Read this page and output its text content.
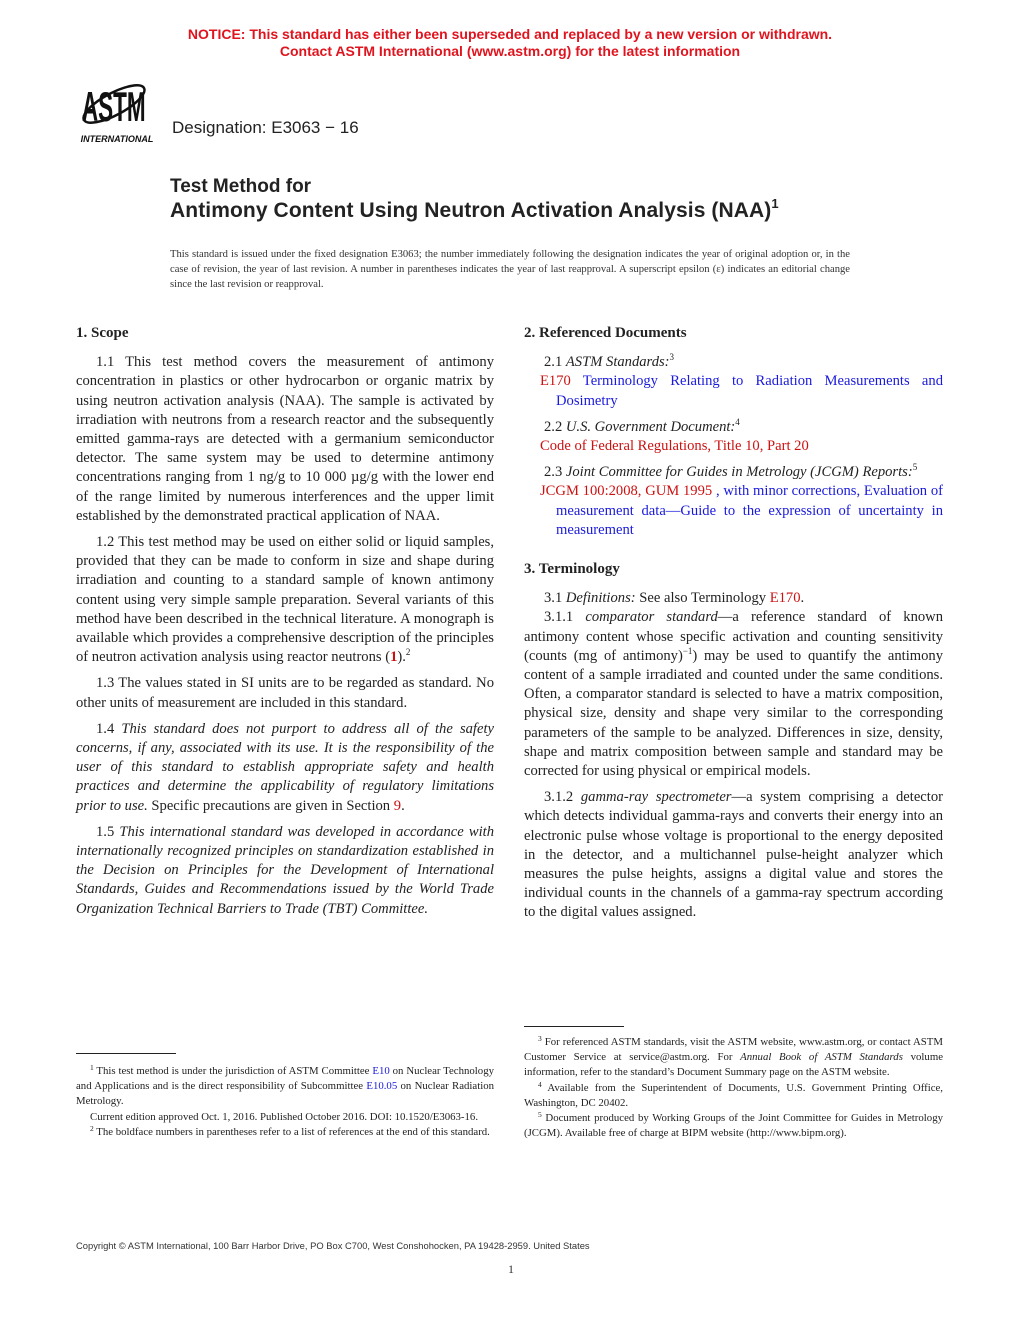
NOTICE: This standard has either been superseded and replaced by a new version or withdrawn.
Contact ASTM International (www.astm.org) for the latest information
ASTM
INTERNATIONAL
Designation: E3063 − 16
Test Method for
Antimony Content Using Neutron Activation Analysis (NAA)$^1$
This standard is issued under the fixed designation E3063; the number immediately following the designation indicates the year of original adoption or, in the case of revision, the year of last revision. A number in parentheses indicates the year of last reapproval. A superscript epsilon (ε) indicates an editorial change since the last revision or reapproval.
1. Scope
1.1 This test method covers the measurement of antimony concentration in plastics or other hydrocarbon or organic matrix by using neutron activation analysis (NAA). The sample is activated by irradiation with neutrons from a research reactor and the subsequently emitted gamma-rays are detected with a germanium semiconductor detector. The same system may be used to determine antimony concentrations ranging from 1 ng/g to 10 000 µg/g with the lower end of the range limited by numerous interferences and the upper limit established by the demonstrated practical application of NAA.
1.2 This test method may be used on either solid or liquid samples, provided that they can be made to conform in size and shape during irradiation and counting to a standard sample of known antimony content using very simple sample preparation. Several variants of this method have been described in the technical literature. A monograph is available which provides a comprehensive description of the principles of neutron activation analysis using reactor neutrons (1).$^2$
1.3 The values stated in SI units are to be regarded as standard. No other units of measurement are included in this standard.
1.4 This standard does not purport to address all of the safety concerns, if any, associated with its use. It is the responsibility of the user of this standard to establish appropriate safety and health practices and determine the applicability of regulatory limitations prior to use. Specific precautions are given in Section 9.
1.5 This international standard was developed in accordance with internationally recognized principles on standardization established in the Decision on Principles for the Development of International Standards, Guides and Recommendations issued by the World Trade Organization Technical Barriers to Trade (TBT) Committee.
2. Referenced Documents
2.1 ASTM Standards:$^3$
E170 Terminology Relating to Radiation Measurements and Dosimetry
2.2 U.S. Government Document:$^4$
Code of Federal Regulations, Title 10, Part 20
2.3 Joint Committee for Guides in Metrology (JCGM) Reports:$^5$
JCGM 100:2008, GUM 1995 , with minor corrections, Evaluation of measurement data—Guide to the expression of uncertainty in measurement
3. Terminology
3.1 Definitions: See also Terminology E170.
3.1.1 comparator standard—a reference standard of known antimony content whose specific activation and counting sensitivity (counts (mg of antimony)$^{-1}$) may be used to quantify the antimony content of a sample irradiated and counted under the same conditions. Often, a comparator standard is selected to have a matrix composition, physical size, density and shape very similar to the corresponding parameters of the sample to be analyzed. Differences in size, density, shape and matrix composition between sample and standard may be corrected for using physical or empirical models.
3.1.2 gamma-ray spectrometer—a system comprising a detector which detects individual gamma-rays and converts their energy into an electronic pulse whose voltage is proportional to the energy deposited in the detector, and a multichannel pulse-height analyzer which measures the pulse heights, assigns a digital value and stores the individual counts in the channels of a gamma-ray spectrum according to the digital values assigned.
$^1$ This test method is under the jurisdiction of ASTM Committee E10 on Nuclear Technology and Applications and is the direct responsibility of Subcommittee E10.05 on Nuclear Radiation Metrology.
Current edition approved Oct. 1, 2016. Published October 2016. DOI: 10.1520/E3063-16.
$^2$ The boldface numbers in parentheses refer to a list of references at the end of this standard.
$^3$ For referenced ASTM standards, visit the ASTM website, www.astm.org, or contact ASTM Customer Service at service@astm.org. For Annual Book of ASTM Standards volume information, refer to the standard’s Document Summary page on the ASTM website.
$^4$ Available from the Superintendent of Documents, U.S. Government Printing Office, Washington, DC 20402.
$^5$ Document produced by Working Groups of the Joint Committee for Guides in Metrology (JCGM). Available free of charge at BIPM website (http://www.bipm.org).
Copyright © ASTM International, 100 Barr Harbor Drive, PO Box C700, West Conshohocken, PA 19428-2959. United States
1
